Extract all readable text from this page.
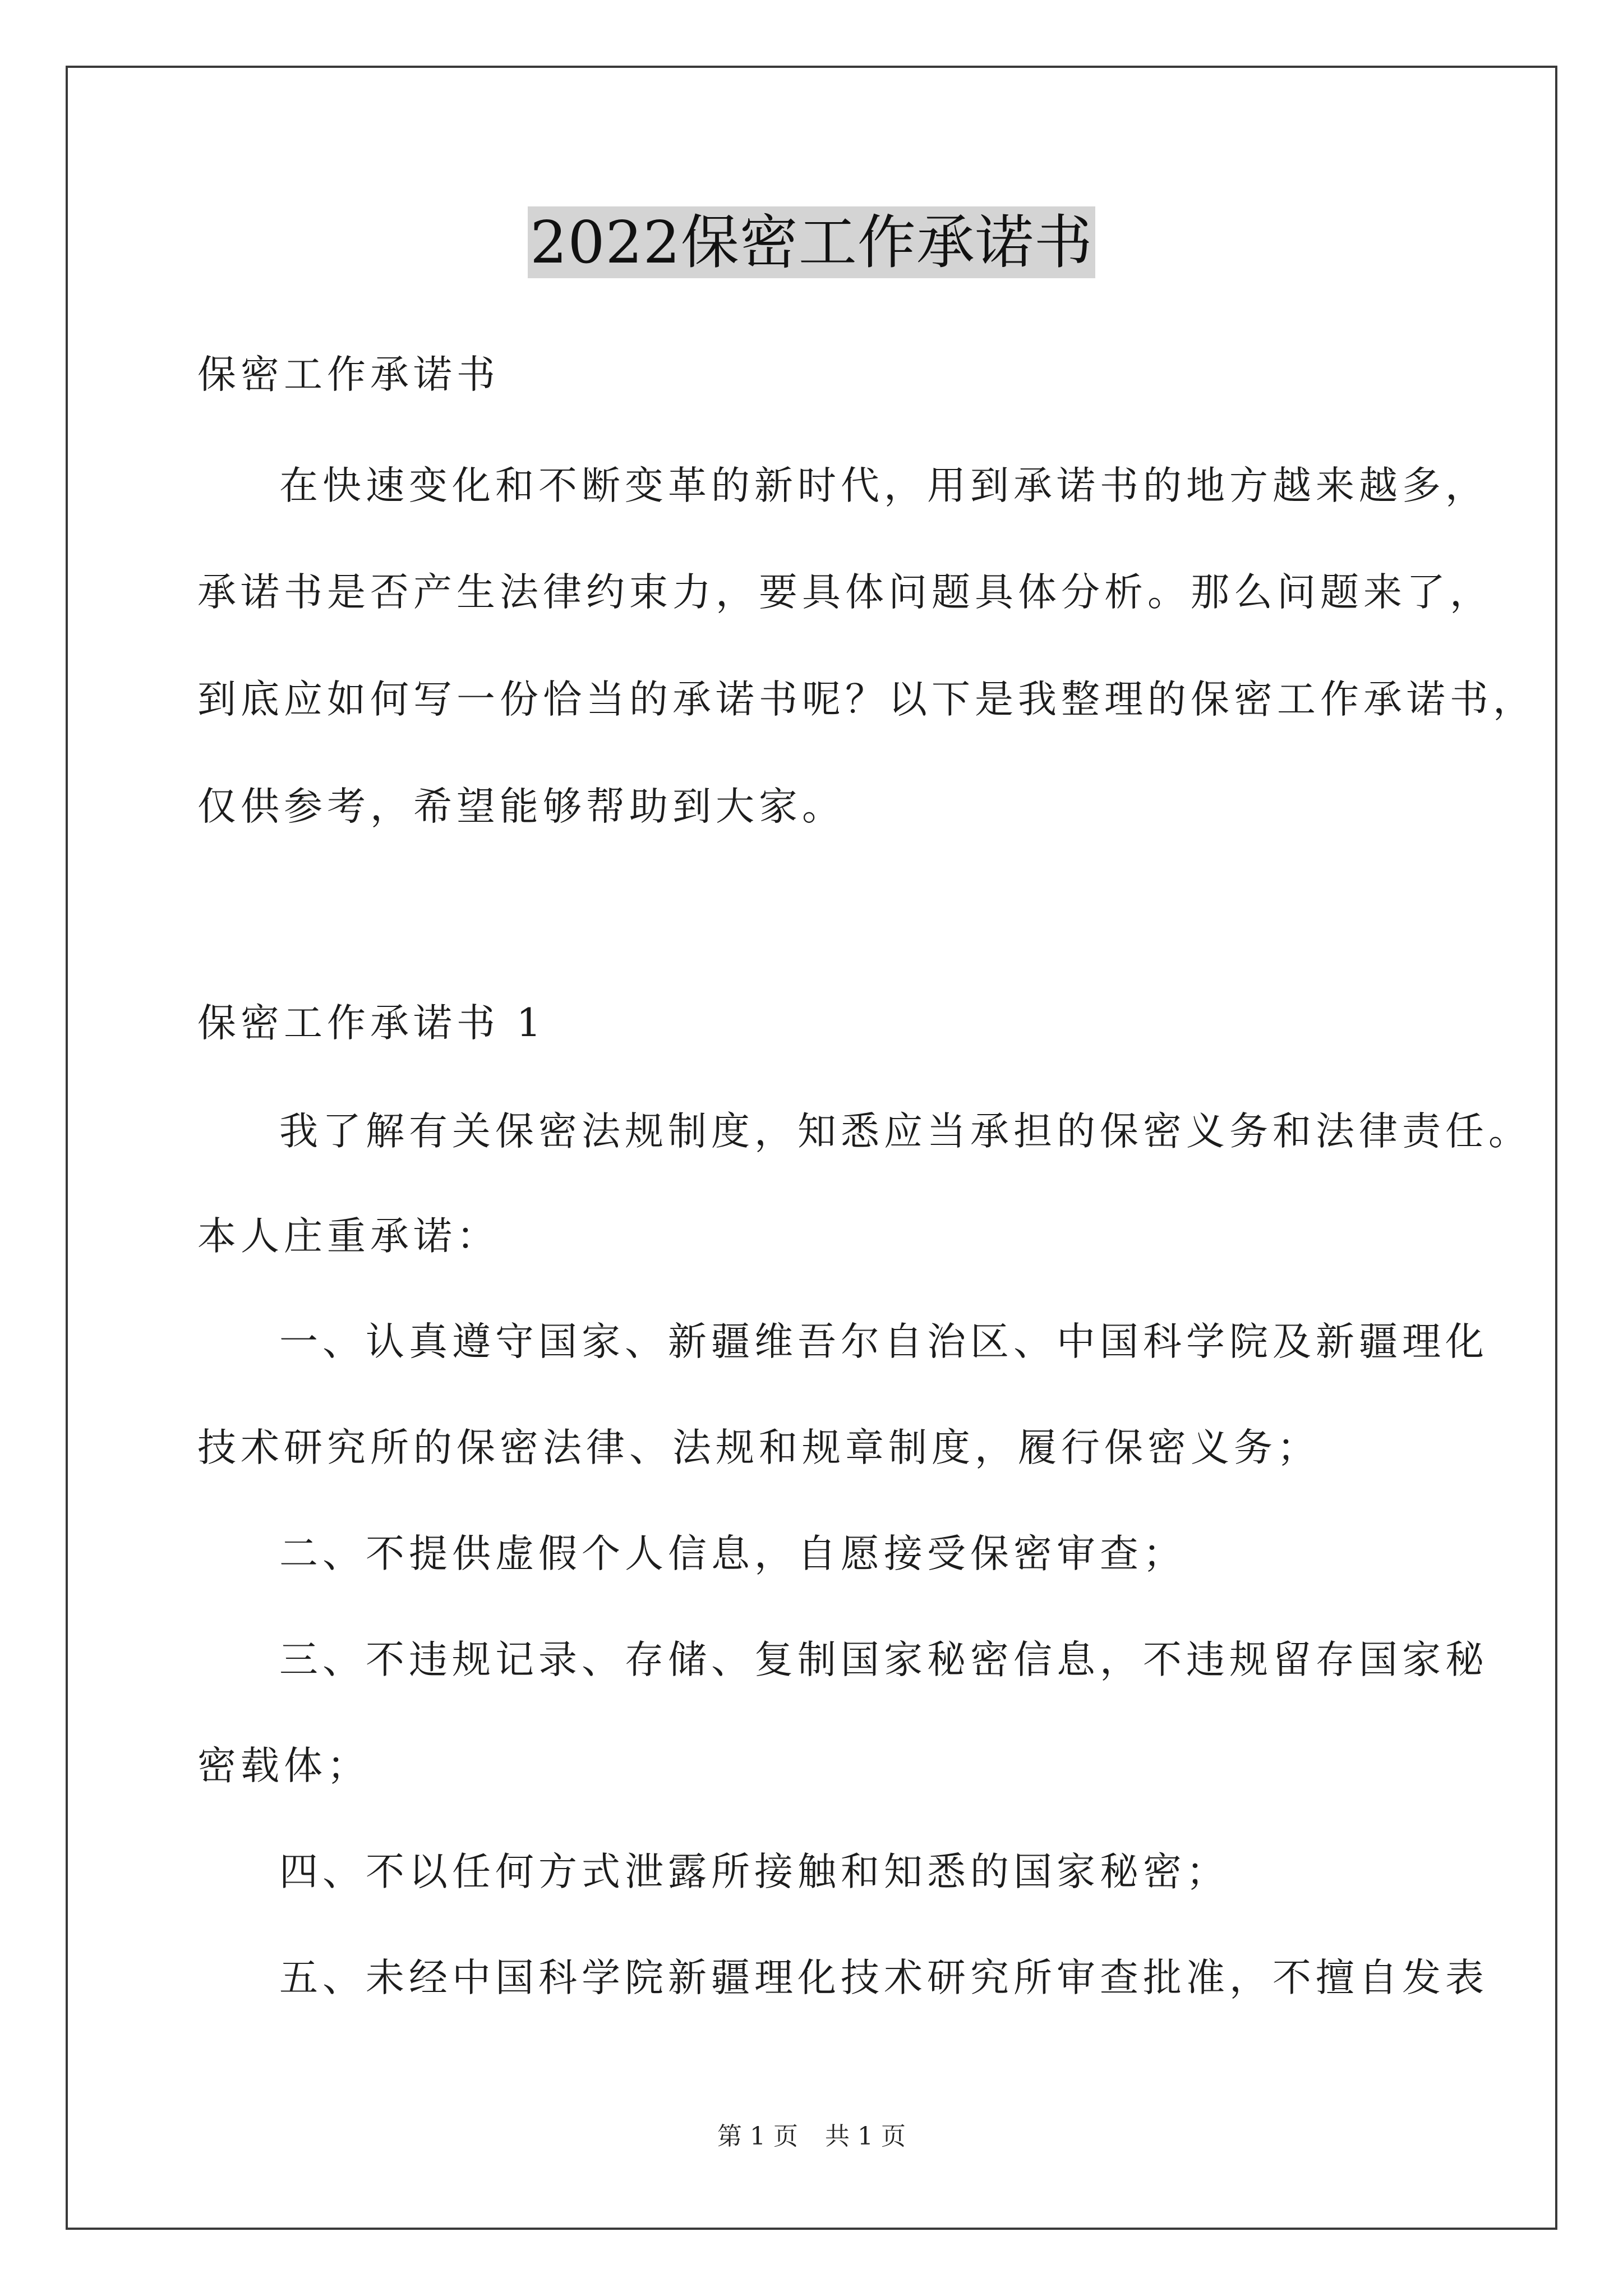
2022保密工作承诺书
保密工作承诺书
在快速变化和不断变革的新时代，用到承诺书的地方越来越多，
承诺书是否产生法律约束力，要具体问题具体分析。那么问题来了，
到底应如何写一份恰当的承诺书呢？以下是我整理的保密工作承诺书，
仅供参考，希望能够帮助到大家。
保密工作承诺书 1
我了解有关保密法规制度，知悉应当承担的保密义务和法律责任。
本人庄重承诺：
一、认真遵守国家、新疆维吾尔自治区、中国科学院及新疆理化
技术研究所的保密法律、法规和规章制度，履行保密义务；
二、不提供虚假个人信息，自愿接受保密审查；
三、不违规记录、存储、复制国家秘密信息，不违规留存国家秘
密载体；
四、不以任何方式泄露所接触和知悉的国家秘密；
五、未经中国科学院新疆理化技术研究所审查批准，不擅自发表
第 1 页 共 1 页
